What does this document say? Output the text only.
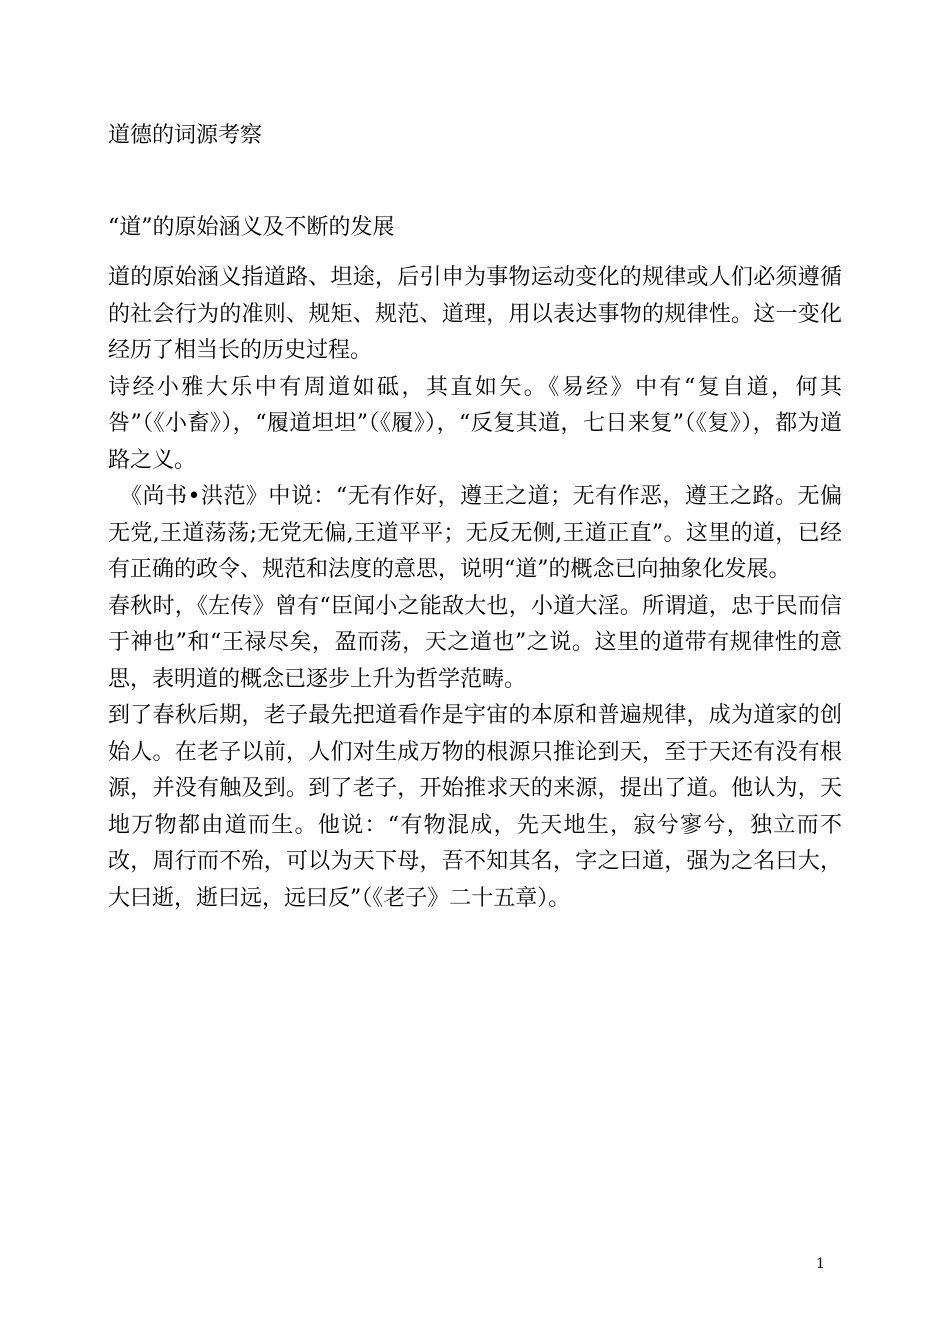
道德的词源考察
“道”的原始涵义及不断的发展

道的原始涵义指道路、坦途，后引申为事物运动变化的规律或人们必须遵循的社会行为的准则、规矩、规范、道理，用以表达事物的规律性。这一变化经历了相当长的历史过程。

诗经小雅大乐中有周道如砥，其直如矢。《易经》中有“复自道，何其咎”（《小畜》），“履道坦坦”（《履》），“反复其道，七日来复”（《复》），都为道路之义。

《尚书•洪范》中说：“无有作好，遵王之道；无有作恶，遵王之路。无偏无党,王道荡荡;无党无偏,王道平平；无反无侧,王道正直”。这里的道，已经有正确的政令、规范和法度的意思，说明“道”的概念已向抽象化发展。

春秋时，《左传》曾有“臣闻小之能敌大也，小道大淫。所谓道，忠于民而信于神也”和“王禄尽矣，盈而荡，天之道也”之说。这里的道带有规律性的意思，表明道的概念已逐步上升为哲学范畴。

到了春秋后期，老子最先把道看作是宇宙的本原和普遍规律，成为道家的创始人。在老子以前，人们对生成万物的根源只推论到天，至于天还有没有根源，并没有触及到。到了老子，开始推求天的来源，提出了道。他认为，天地万物都由道而生。他说：“有物混成，先天地生，寂兮寥兮，独立而不改，周行而不殆，可以为天下母，吾不知其名，字之曰道，强为之名曰大，大曰逝，逝曰远，远曰反”（《老子》二十五章）。

1
